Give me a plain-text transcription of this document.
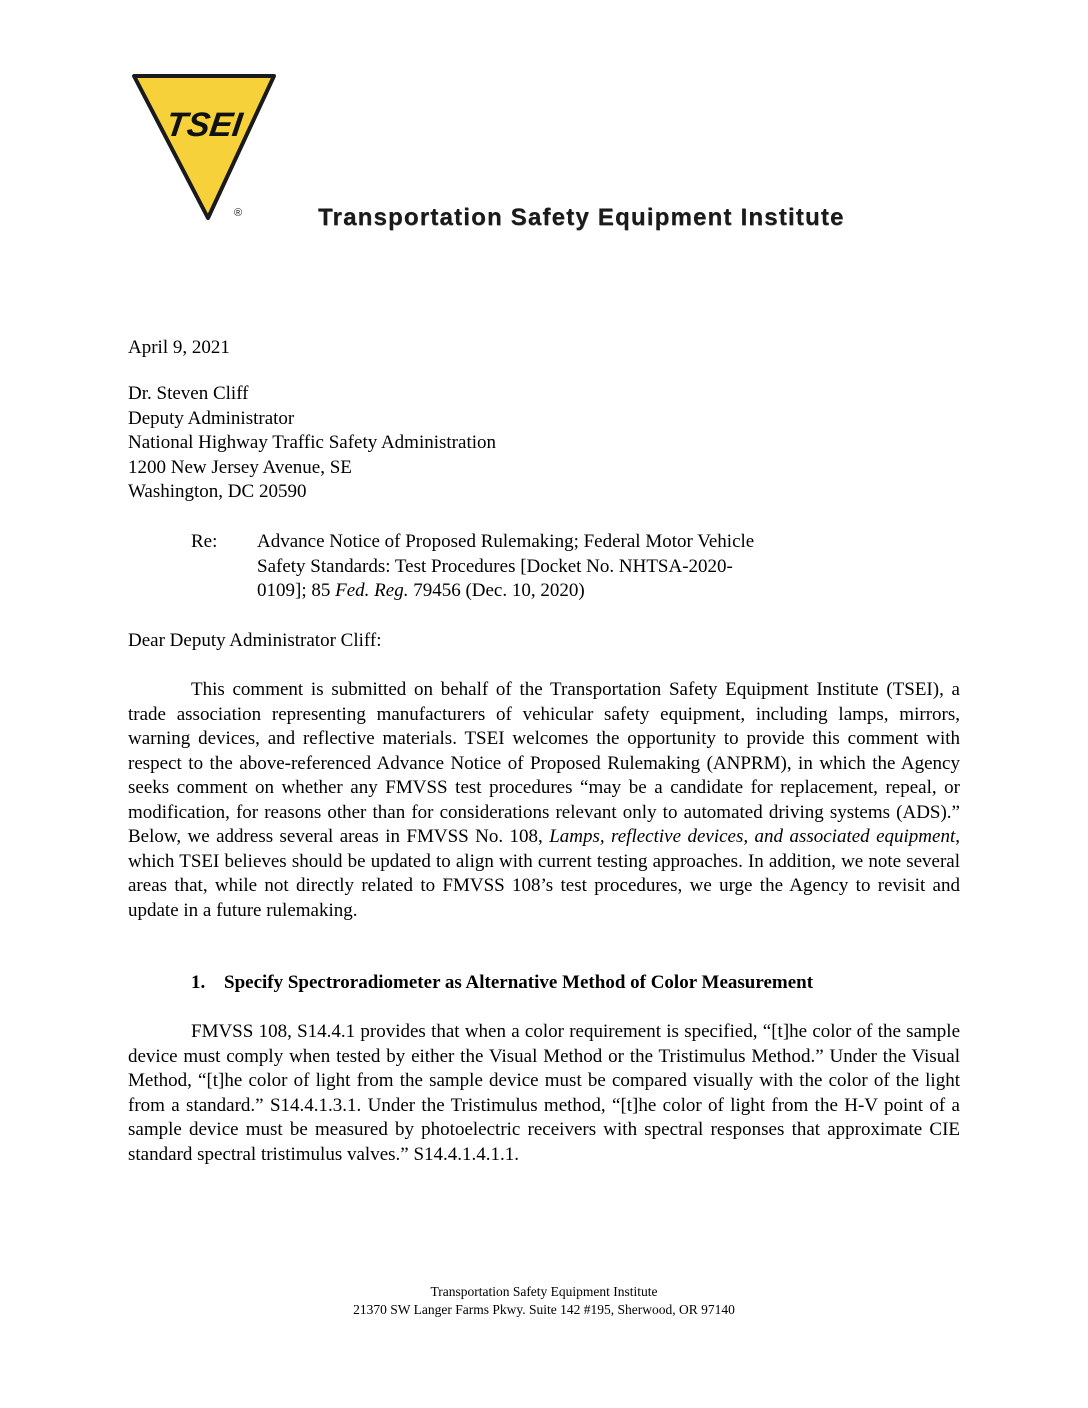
TSEI
®	Transportation Safety Equipment Institute
April 9, 2021
Dr. Steven Cliff
Deputy Administrator
National Highway Traffic Safety Administration
1200 New Jersey Avenue, SE
Washington, DC 20590
Re: Advance Notice of Proposed Rulemaking; Federal Motor Vehicle
Safety Standards: Test Procedures [Docket No. NHTSA-2020-
0109]; 85 Fed. Reg. 79456 (Dec. 10, 2020)
Dear Deputy Administrator Cliff:

This comment is submitted on behalf of the Transportation Safety Equipment Institute (TSEI), a trade association representing manufacturers of vehicular safety equipment, including lamps, mirrors, warning devices, and reflective materials. TSEI welcomes the opportunity to provide this comment with respect to the above-referenced Advance Notice of Proposed Rulemaking (ANPRM), in which the Agency seeks comment on whether any FMVSS test procedures “may be a candidate for replacement, repeal, or modification, for reasons other than for considerations relevant only to automated driving systems (ADS).” Below, we address several areas in FMVSS No. 108, Lamps, reflective devices, and associated equipment, which TSEI believes should be updated to align with current testing approaches. In addition, we note several areas that, while not directly related to FMVSS 108’s test procedures, we urge the Agency to revisit and update in a future rulemaking.

1. Specify Spectroradiometer as Alternative Method of Color Measurement

FMVSS 108, S14.4.1 provides that when a color requirement is specified, “[t]he color of the sample device must comply when tested by either the Visual Method or the Tristimulus Method.” Under the Visual Method, “[t]he color of light from the sample device must be compared visually with the color of the light from a standard.” S14.4.1.3.1. Under the Tristimulus method, “[t]he color of light from the H-V point of a sample device must be measured by photoelectric receivers with spectral responses that approximate CIE standard spectral tristimulus valves.” S14.4.1.4.1.1.

Transportation Safety Equipment Institute
21370 SW Langer Farms Pkwy. Suite 142 #195, Sherwood, OR 97140
